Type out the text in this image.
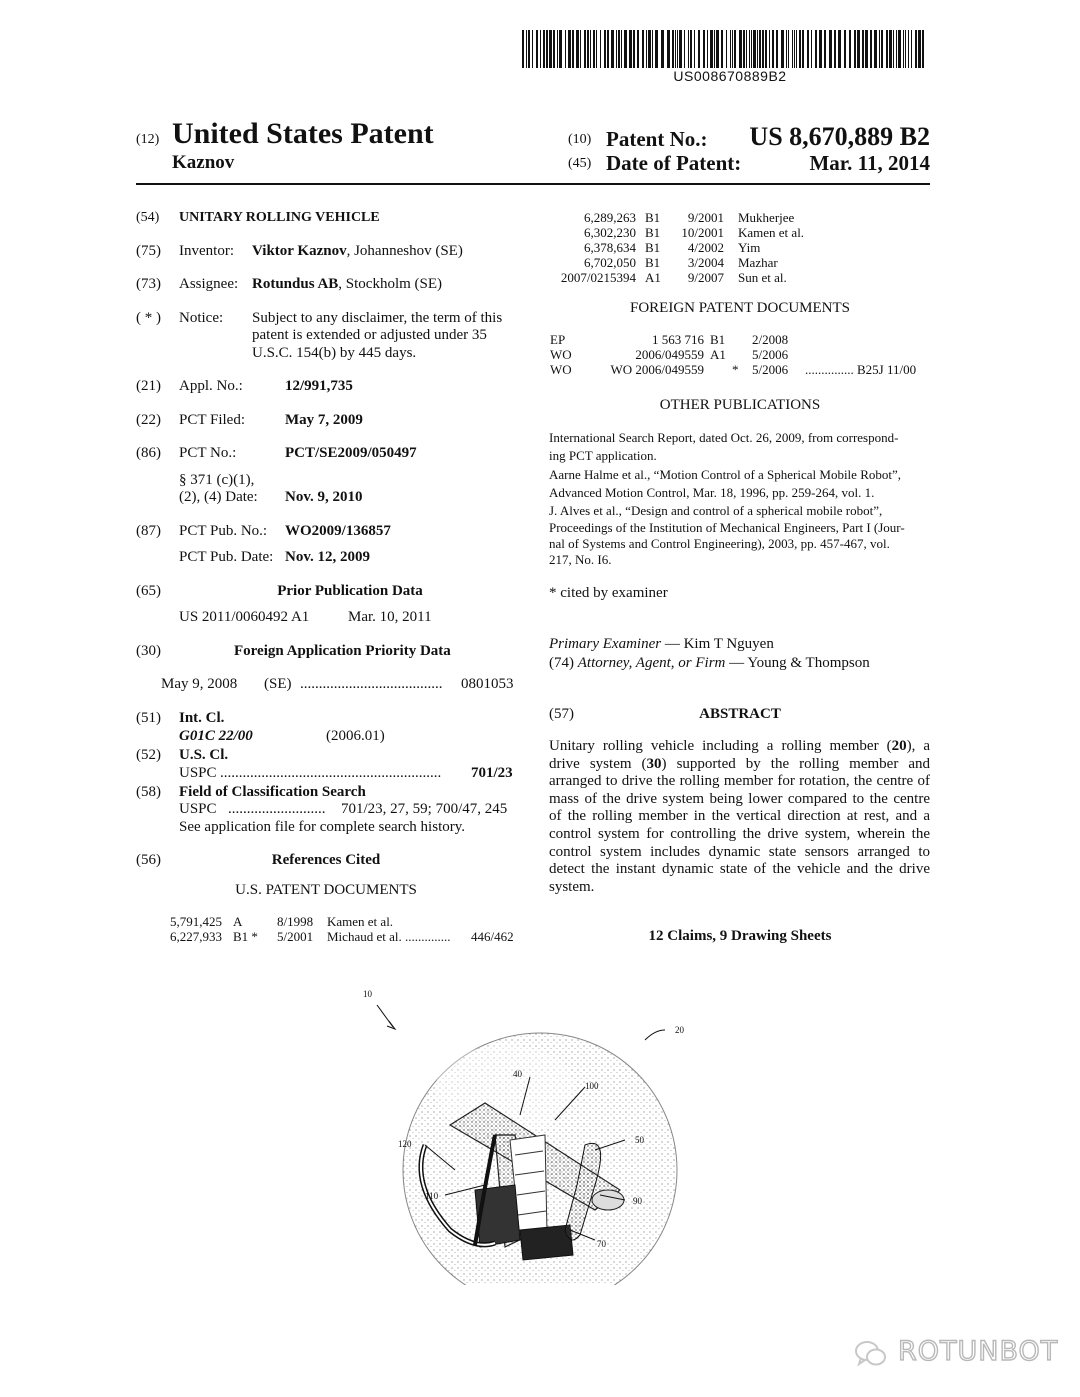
US008670889B2
(12) United States Patent
Kaznov
(10) Patent No.:	US 8,670,889 B2
(45) Date of Patent:	Mar. 11, 2014
(54) UNITARY ROLLING VEHICLE
(75) Inventor: Viktor Kaznov, Johanneshov (SE)
(73) Assignee: Rotundus AB, Stockholm (SE)
( * ) Notice: Subject to any disclaimer, the term of this
patent is extended or adjusted under 35
U.S.C. 154(b) by 445 days.
(21) Appl. No.:	12/991,735
(22) PCT Filed:	May 7, 2009
(86) PCT No.:	PCT/SE2009/050497
§ 371 (c)(1),
(2), (4) Date: Nov. 9, 2010
(87) PCT Pub. No.: WO2009/136857
PCT Pub. Date: Nov. 12, 2009
(65)	Prior Publication Data
US 2011/0060492 A1	Mar. 10, 2011
(30)	Foreign Application Priority Data
May 9, 2008 (SE) ...................................... 0801053
(51) Int. Cl.
G01C 22/00	(2006.01)
(52) U.S. Cl.
USPC ...........................................................	701/23
(58) Field of Classification Search
USPC .......................... 701/23, 27, 59; 700/47, 245
See application file for complete search history.
(56)	References Cited
U.S. PATENT DOCUMENTS
5,791,425 A	8/1998 Kamen et al.
6,227,933 B1 * 5/2001 Michaud et al. .............. 446/462
6,289,263 B1	9/2001 Mukherjee
6,302,230 B1	10/2001 Kamen et al.
6,378,634 B1	4/2002 Yim
6,702,050 B1	3/2004 Mazhar
2007/0215394 A1	9/2007 Sun et al.
FOREIGN PATENT DOCUMENTS
EP	1 563 716 B1 2/2008
WO	2006/049559 A1 5/2006
WO	WO 2006/049559 * 5/2006 ............... B25J 11/00
OTHER PUBLICATIONS
International Search Report, dated Oct. 26, 2009, from correspond-
ing PCT application.
Aarne Halme et al., “Motion Control of a Spherical Mobile Robot”,
Advanced Motion Control, Mar. 18, 1996, pp. 259-264, vol. 1.
J. Alves et al., “Design and control of a spherical mobile robot”,
Proceedings of the Institution of Mechanical Engineers, Part I (Jour-
nal of Systems and Control Engineering), 2003, pp. 457-467, vol.
217, No. I6.
* cited by examiner
Primary Examiner — Kim T Nguyen
(74) Attorney, Agent, or Firm — Young & Thompson
(57)	ABSTRACT
Unitary rolling vehicle including a rolling member (20), a
drive system (30) supported by the rolling member and
arranged to drive the rolling member for rotation, the centre of
mass of the drive system being lower compared to the centre
of the rolling member in the vertical direction at rest, and a
control system for controlling the drive system, wherein the
control system includes dynamic state sensors arranged to
detect the instant dynamic state of the vehicle and the drive
system.
12 Claims, 9 Drawing Sheets
10
20
40
100
50
120
110	90
70
ROTUNBOT
